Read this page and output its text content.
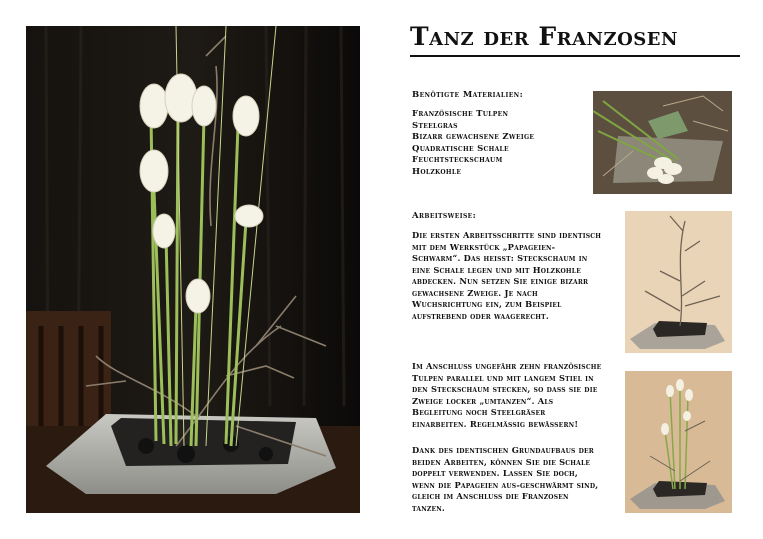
Tanz der Franzosen
Benötigte Materialien:
Französische Tulpen
Steelgras
Bizarr gewachsene Zweige
Quadratische Schale
Feuchtsteckschaum
Holzkohle
Arbeitsweise:
Die ersten Arbeitsschritte sind identisch mit dem Werkstück „Papageien-Schwarm“. Das heisst: Steckschaum in eine Schale legen und mit Holzkohle abdecken. Nun setzen Sie einige bizarr gewachsene Zweige. Je nach Wuchsrichtung ein, zum Beispiel aufstrebend oder waagerecht.
Im Anschluss ungefähr zehn französische Tulpen parallel und mit langem Stiel in den Steckschaum stecken, so dass sie die Zweige locker „umtanzen“. Als Begleitung noch Steelgräser einarbeiten. Regelmässig bewässern!
Dank des identischen Grundaufbaus der beiden Arbeiten, können Sie die Schale doppelt verwenden. Lassen Sie doch, wenn die Papageien aus-geschwärmt sind, gleich im Anschluss die Franzosen tanzen.
